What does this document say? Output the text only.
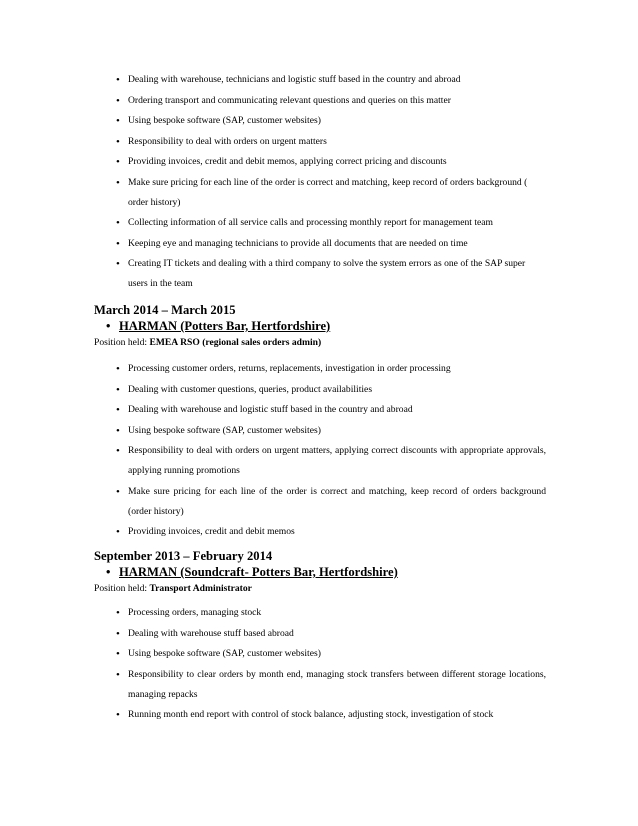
• Dealing with warehouse, technicians and logistic stuff based in the country and abroad
• Ordering transport and communicating relevant questions and queries on this matter
• Using bespoke software (SAP, customer websites)
• Responsibility to deal with orders on urgent matters
• Providing invoices, credit and debit memos, applying correct pricing and discounts
• Make sure pricing for each line of the order is correct and matching, keep record of orders background ( order history)
• Collecting information of all service calls and processing monthly report for management team
• Keeping eye and managing technicians to provide all documents that are needed on time
• Creating IT tickets and dealing with a third company to solve the system errors as one of the SAP super users in the team
March 2014 – March 2015
• HARMAN (Potters Bar, Hertfordshire)
Position held: EMEA RSO (regional sales orders admin)
• Processing customer orders, returns, replacements, investigation in order processing
• Dealing with customer questions, queries, product availabilities
• Dealing with warehouse and logistic stuff based in the country and abroad
• Using bespoke software (SAP, customer websites)
• Responsibility to deal with orders on urgent matters, applying correct discounts with appropriate approvals, applying running promotions
• Make sure pricing for each line of the order is correct and matching, keep record of orders background (order history)
• Providing invoices, credit and debit memos
September 2013 – February 2014
• HARMAN (Soundcraft- Potters Bar, Hertfordshire)
Position held: Transport Administrator
• Processing orders, managing stock
• Dealing with warehouse stuff based abroad
• Using bespoke software (SAP, customer websites)
• Responsibility to clear orders by month end, managing stock transfers between different storage locations, managing repacks
• Running month end report with control of stock balance, adjusting stock, investigation of stock
